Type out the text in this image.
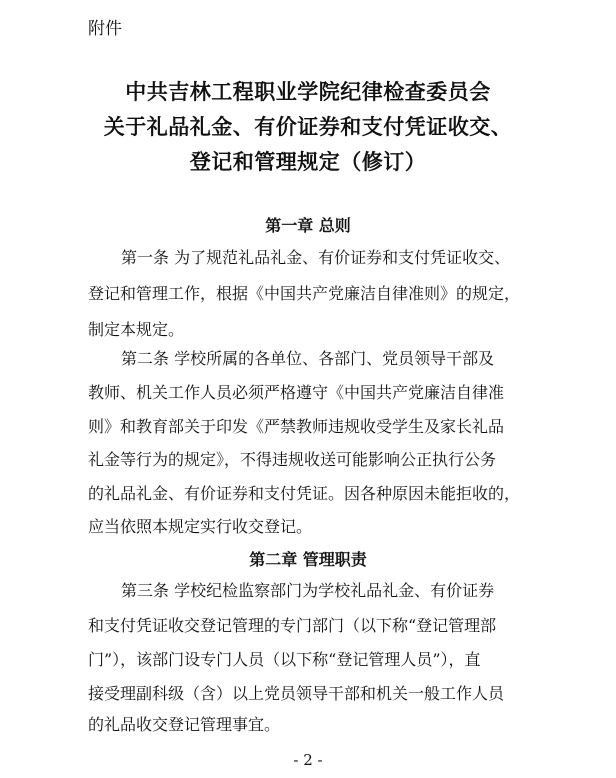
附件
中共吉林工程职业学院纪律检查委员会
关于礼品礼金、有价证券和支付凭证收交、
登记和管理规定（修订）
第一章 总则
第一条 为了规范礼品礼金、有价证券和支付凭证收交、
登记和管理工作，根据《中国共产党廉洁自律准则》的规定，
制定本规定。
第二条 学校所属的各单位、各部门、党员领导干部及
教师、机关工作人员必须严格遵守《中国共产党廉洁自律准
则》和教育部关于印发《严禁教师违规收受学生及家长礼品
礼金等行为的规定》，不得违规收送可能影响公正执行公务
的礼品礼金、有价证券和支付凭证。因各种原因未能拒收的，
应当依照本规定实行收交登记。
第二章 管理职责
第三条 学校纪检监察部门为学校礼品礼金、有价证券
和支付凭证收交登记管理的专门部门（以下称“登记管理部
门”），该部门设专门人员（以下称“登记管理人员”），直
接受理副科级（含）以上党员领导干部和机关一般工作人员
的礼品收交登记管理事宜。
- 2 -
